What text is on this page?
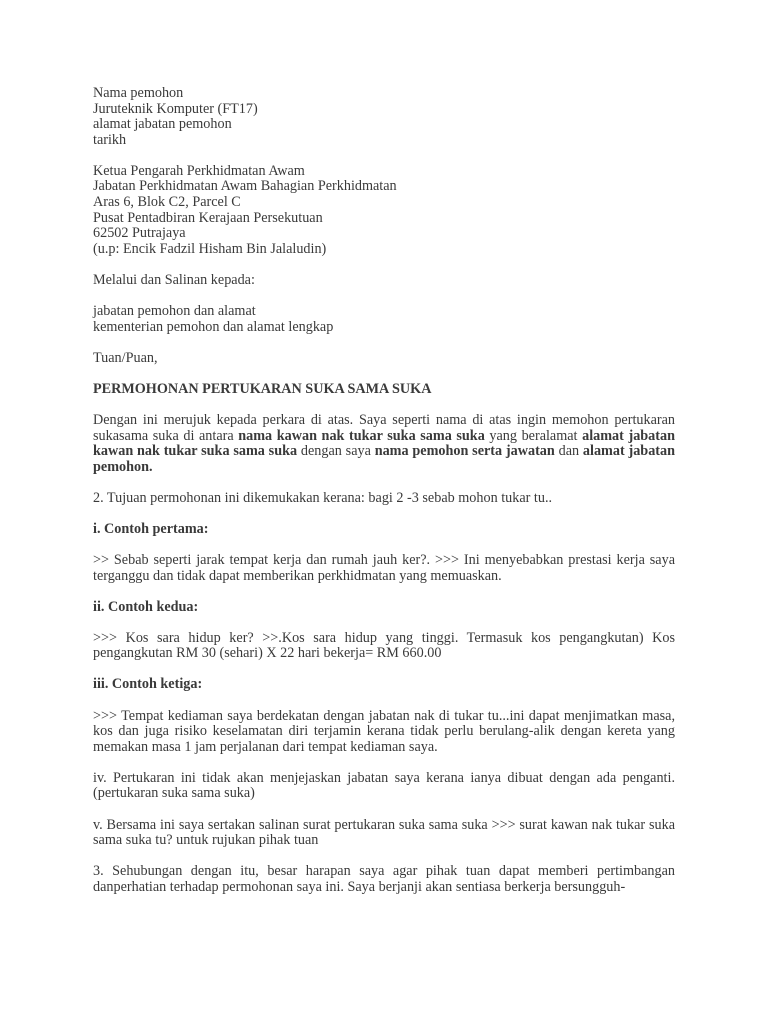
Nama pemohon
Juruteknik Komputer (FT17)
alamat jabatan pemohon
tarikh
Ketua Pengarah Perkhidmatan Awam
Jabatan Perkhidmatan Awam Bahagian Perkhidmatan
Aras 6, Blok C2, Parcel C
Pusat Pentadbiran Kerajaan Persekutuan
62502 Putrajaya
(u.p: Encik Fadzil Hisham Bin Jalaludin)
Melalui dan Salinan kepada:
jabatan pemohon dan alamat
kementerian pemohon dan alamat lengkap
Tuan/Puan,
PERMOHONAN PERTUKARAN SUKA SAMA SUKA
Dengan ini merujuk kepada perkara di atas. Saya seperti nama di atas ingin memohon pertukaran sukasama suka di antara nama kawan nak tukar suka sama suka yang beralamat alamat jabatan kawan nak tukar suka sama suka dengan saya nama pemohon serta jawatan dan alamat jabatan pemohon.
2. Tujuan permohonan ini dikemukakan kerana: bagi 2 -3 sebab mohon tukar tu..
i. Contoh pertama:
>> Sebab seperti jarak tempat kerja dan rumah jauh ker?. >>> Ini menyebabkan prestasi kerja saya terganggu dan tidak dapat memberikan perkhidmatan yang memuaskan.
ii. Contoh kedua:
>>> Kos sara hidup ker? >>.Kos sara hidup yang tinggi. Termasuk kos pengangkutan) Kos pengangkutan RM 30 (sehari) X 22 hari bekerja= RM 660.00
iii. Contoh ketiga:
>>> Tempat kediaman saya berdekatan dengan jabatan nak di tukar tu...ini dapat menjimatkan masa, kos dan juga risiko keselamatan diri terjamin kerana tidak perlu berulang-alik dengan kereta yang memakan masa 1 jam perjalanan dari tempat kediaman saya.
iv. Pertukaran ini tidak akan menjejaskan jabatan saya kerana ianya dibuat dengan ada penganti.(pertukaran suka sama suka)
v. Bersama ini saya sertakan salinan surat pertukaran suka sama suka >>> surat kawan nak tukar suka sama suka tu? untuk rujukan pihak tuan
3. Sehubungan dengan itu, besar harapan saya agar pihak tuan dapat memberi pertimbangan danperhatian terhadap permohonan saya ini. Saya berjanji akan sentiasa berkerja bersungguh-
